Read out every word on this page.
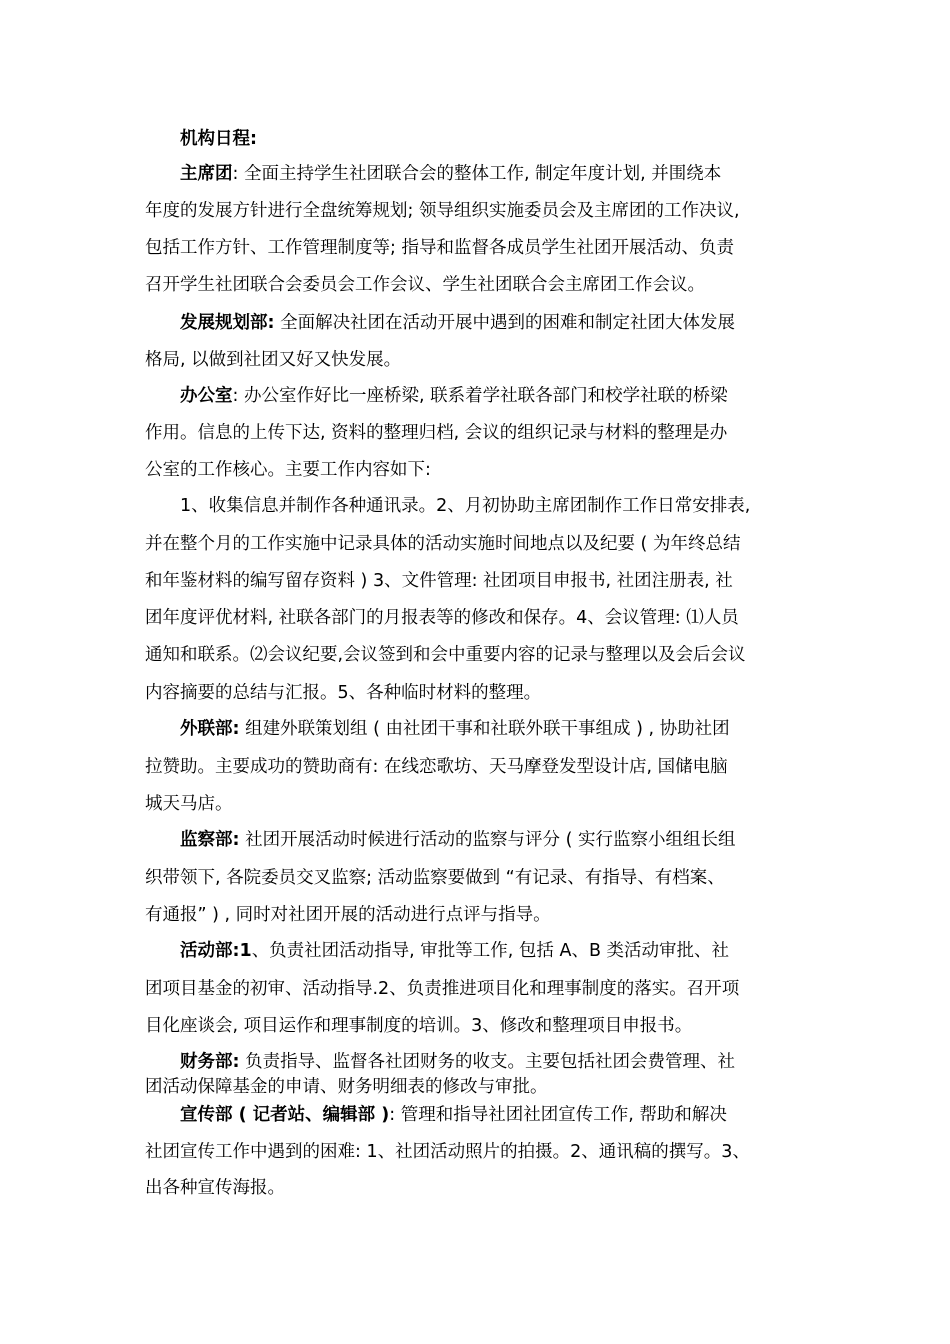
机构日程:
主席团: 全面主持学生社团联合会的整体工作, 制定年度计划, 并围绕本
年度的发展方针进行全盘统筹规划; 领导组织实施委员会及主席团的工作决议,
包括工作方针、工作管理制度等; 指导和监督各成员学生社团开展活动、负责
召开学生社团联合会委员会工作会议、学生社团联合会主席团工作会议。
发展规划部: 全面解决社团在活动开展中遇到的困难和制定社团大体发展
格局, 以做到社团又好又快发展。
办公室: 办公室作好比一座桥梁, 联系着学社联各部门和校学社联的桥梁
作用。信息的上传下达, 资料的整理归档, 会议的组织记录与材料的整理是办
公室的工作核心。主要工作内容如下:
1、收集信息并制作各种通讯录。2、月初协助主席团制作工作日常安排表,
并在整个月的工作实施中记录具体的活动实施时间地点以及纪要 ( 为年终总结
和年鉴材料的编写留存资料 ) 3、文件管理: 社团项目申报书, 社团注册表, 社
团年度评优材料, 社联各部门的月报表等的修改和保存。4、会议管理: ⑴人员
通知和联系。⑵会议纪要,会议签到和会中重要内容的记录与整理以及会后会议
内容摘要的总结与汇报。5、各种临时材料的整理。
外联部: 组建外联策划组 ( 由社团干事和社联外联干事组成 ) , 协助社团
拉赞助。主要成功的赞助商有: 在线恋歌坊、天马摩登发型设计店, 国储电脑
城天马店。
监察部: 社团开展活动时候进行活动的监察与评分 ( 实行监察小组组长组
织带领下, 各院委员交叉监察; 活动监察要做到 “有记录、有指导、有档案、
有通报” ) , 同时对社团开展的活动进行点评与指导。
活动部:1、负责社团活动指导, 审批等工作, 包括 A、B 类活动审批、社
团项目基金的初审、活动指导.2、负责推进项目化和理事制度的落实。召开项
目化座谈会, 项目运作和理事制度的培训。3、修改和整理项目申报书。
财务部: 负责指导、监督各社团财务的收支。主要包括社团会费管理、社
团活动保障基金的申请、财务明细表的修改与审批。
宣传部 ( 记者站、编辑部 ): 管理和指导社团社团宣传工作, 帮助和解决
社团宣传工作中遇到的困难: 1、社团活动照片的拍摄。2、通讯稿的撰写。3、
出各种宣传海报。
